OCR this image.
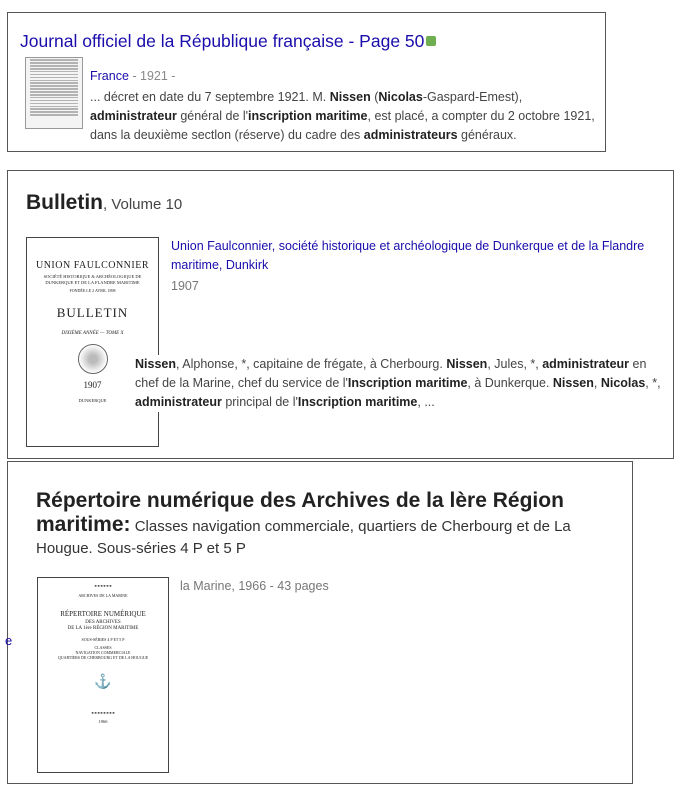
Journal officiel de la République française - Page 50
France - 1921 -
... décret en date du 7 septembre 1921. M. Nissen (Nicolas-Gaspard-Emest), administrateur général de l'inscription maritime, est placé, a compter du 2 octobre 1921, dans la deuxième sectlon (réserve) du cadre des administrateurs généraux.
Bulletin, Volume 10
UNION FAULCONNIER
SOCIÉTÉ HISTORIQUE & ARCHÉOLOGIQUE DE DUNKERQUE ET DE LA FLANDRE MARITIME
FONDÉE LE 2 AVRIL 1898
BULLETIN
DIXIÈME ANNÉE — TOME X
1907
DUNKERQUE
Union Faulconnier, société historique et archéologique de Dunkerque et de la Flandre maritime, Dunkirk
1907
Nissen, Alphonse, *, capitaine de frégate, à Cherbourg. Nissen, Jules, *, administrateur en chef de la Marine, chef du service de l'Inscription maritime, à Dunkerque. Nissen, Nicolas, *, administrateur principal de l'Inscription maritime, ...
Répertoire numérique des Archives de la lère Région maritime: Classes navigation commerciale, quartiers de Cherbourg et de La Hougue. Sous-séries 4 P et 5 P
■ ■ ■ ■ ■ ■
ARCHIVES DE LA MARINE
RÉPERTOIRE NUMÉRIQUE
DES ARCHIVES
DE LA 1ère RÉGION MARITIME
SOUS-SÉRIES 4 P ET 5 P
CLASSES
NAVIGATION COMMERCIALE
QUARTIERS DE CHERBOURG ET DE LA HOUGUE
⚓
■ ■ ■ ■ ■ ■ ■ ■
1966
la Marine, 1966 - 43 pages
e
